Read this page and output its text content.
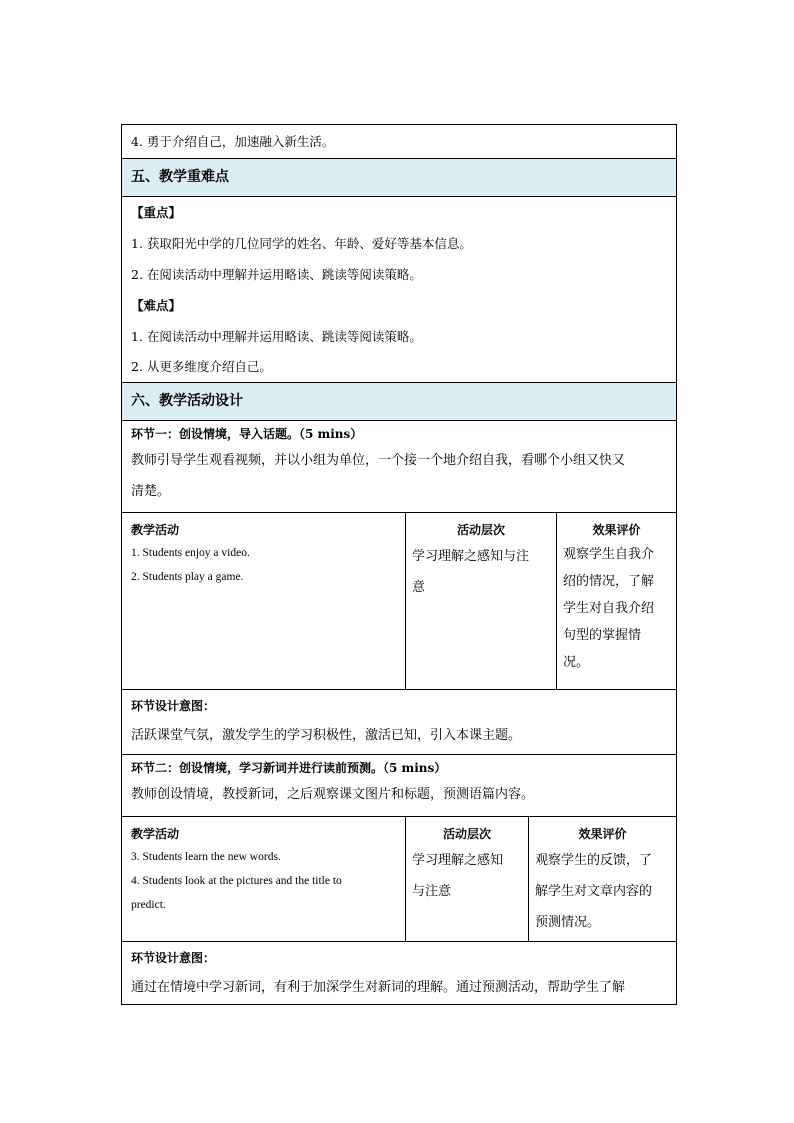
4. 勇于介绍自己，加速融入新生活。
五、教学重难点
【重点】
1. 获取阳光中学的几位同学的姓名、年龄、爱好等基本信息。
2. 在阅读活动中理解并运用略读、跳读等阅读策略。
【难点】
1. 在阅读活动中理解并运用略读、跳读等阅读策略。
2. 从更多维度介绍自己。
六、教学活动设计
环节一：创设情境，导入话题。（5 mins）
教师引导学生观看视频，并以小组为单位，一个接一个地介绍自我，看哪个小组又快又
清楚。
教学活动
1. Students enjoy a video.
2. Students play a game.
活动层次
学习理解之感知与注
意
效果评价
观察学生自我介
绍的情况，了解
学生对自我介绍
句型的掌握情
况。
环节设计意图：
活跃课堂气氛，激发学生的学习积极性，激活已知，引入本课主题。
环节二：创设情境，学习新词并进行读前预测。（5 mins）
教师创设情境，教授新词，之后观察课文图片和标题，预测语篇内容。
教学活动
3. Students learn the new words.
4. Students look at the pictures and the title to
predict.
活动层次
学习理解之感知
与注意
效果评价
观察学生的反馈，了
解学生对文章内容的
预测情况。
环节设计意图：
通过在情境中学习新词，有利于加深学生对新词的理解。通过预测活动，帮助学生了解
